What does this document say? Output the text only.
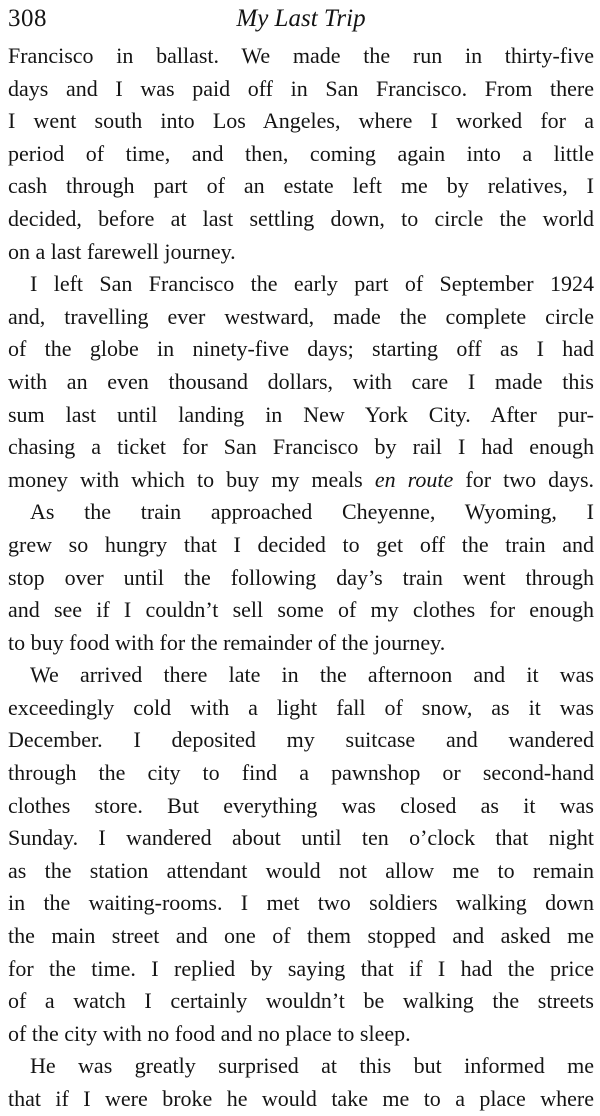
308	My Last Trip

Francisco in ballast. We made the run in thirty-five
days and I was paid off in San Francisco. From there
I went south into Los Angeles, where I worked for a
period of time, and then, coming again into a little
cash through part of an estate left me by relatives, I
decided, before at last settling down, to circle the world
on a last farewell journey.

I left San Francisco the early part of September 1924
and, travelling ever westward, made the complete circle
of the globe in ninety-five days; starting off as I had
with an even thousand dollars, with care I made this
sum last until landing in New York City. After pur-
chasing a ticket for San Francisco by rail I had enough
money with which to buy my meals en route for two days.

As the train approached Cheyenne, Wyoming, I
grew so hungry that I decided to get off the train and
stop over until the following day’s train went through
and see if I couldn’t sell some of my clothes for enough
to buy food with for the remainder of the journey.

We arrived there late in the afternoon and it was
exceedingly cold with a light fall of snow, as it was
December. I deposited my suitcase and wandered
through the city to find a pawnshop or second-hand
clothes store. But everything was closed as it was
Sunday. I wandered about until ten o’clock that night
as the station attendant would not allow me to remain
in the waiting-rooms. I met two soldiers walking down
the main street and one of them stopped and asked me
for the time. I replied by saying that if I had the price
of a watch I certainly wouldn’t be walking the streets
of the city with no food and no place to sleep.

He was greatly surprised at this but informed me
that if I were broke he would take me to a place where
